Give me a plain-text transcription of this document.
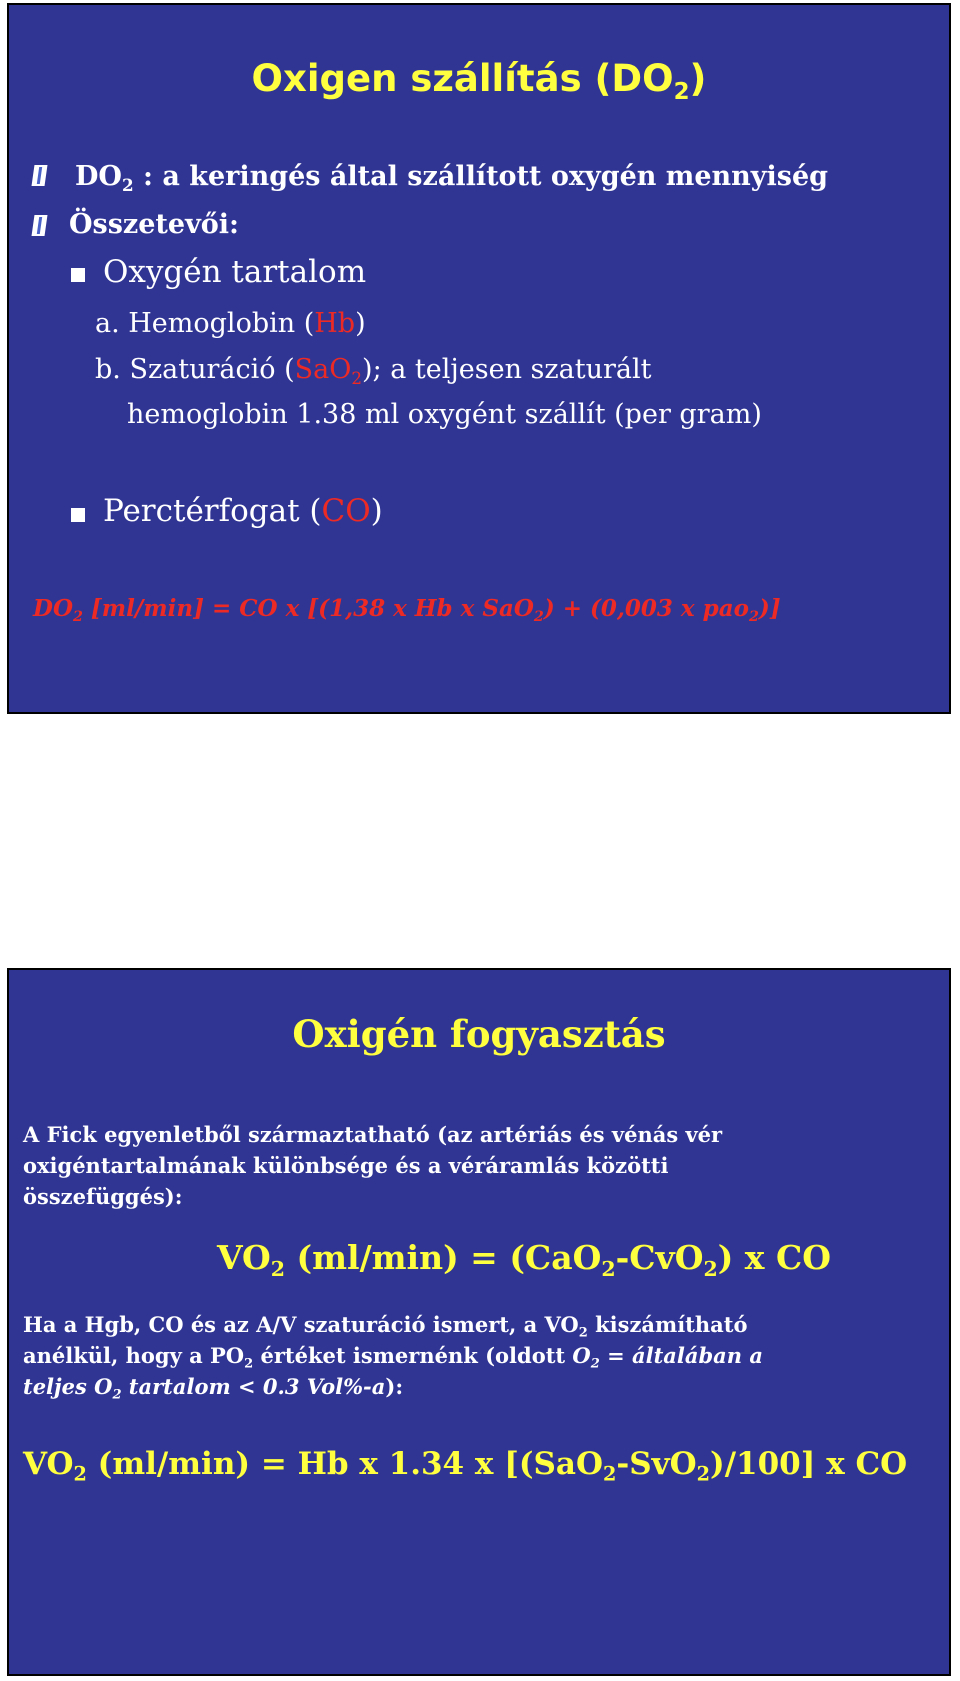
Oxigen szállítás $(DO_2)$
$DO_2$ : a keringés által szállított oxygén mennyiség
Összetevői:
Oxygén tartalom
a. Hemoglobin (Hb)
b. Szaturáció (SaO$_2$); a teljesen szaturált
hemoglobin 1.38 ml oxygént szállít (per gram)
Perctérfogat (CO)
$DO_2$ [ml/min] = CO x [(1,38 x Hb x SaO$_2$) + (0,003 x pao$_2$)]
Oxigén fogyasztás
A Fick egyenletből származtatható (az artériás és vénás vér
oxigéntartalmának különbsége és a véráramlás közötti
összefüggés):
$VO_2$ (ml/min) = (CaO$_2$-CvO$_2$) x CO
Ha a Hgb, CO és az A/V szaturáció ismert, a $VO_2$ kiszámítható
anélkül, hogy a $PO_2$ értéket ismernénk (oldott $O_2$ = általában a
teljes $O_2$ tartalom < 0.3 Vol%-a):
$VO_2$ (ml/min) = Hb x 1.34 x [(SaO$_2$-SvO$_2$)/100] x CO
